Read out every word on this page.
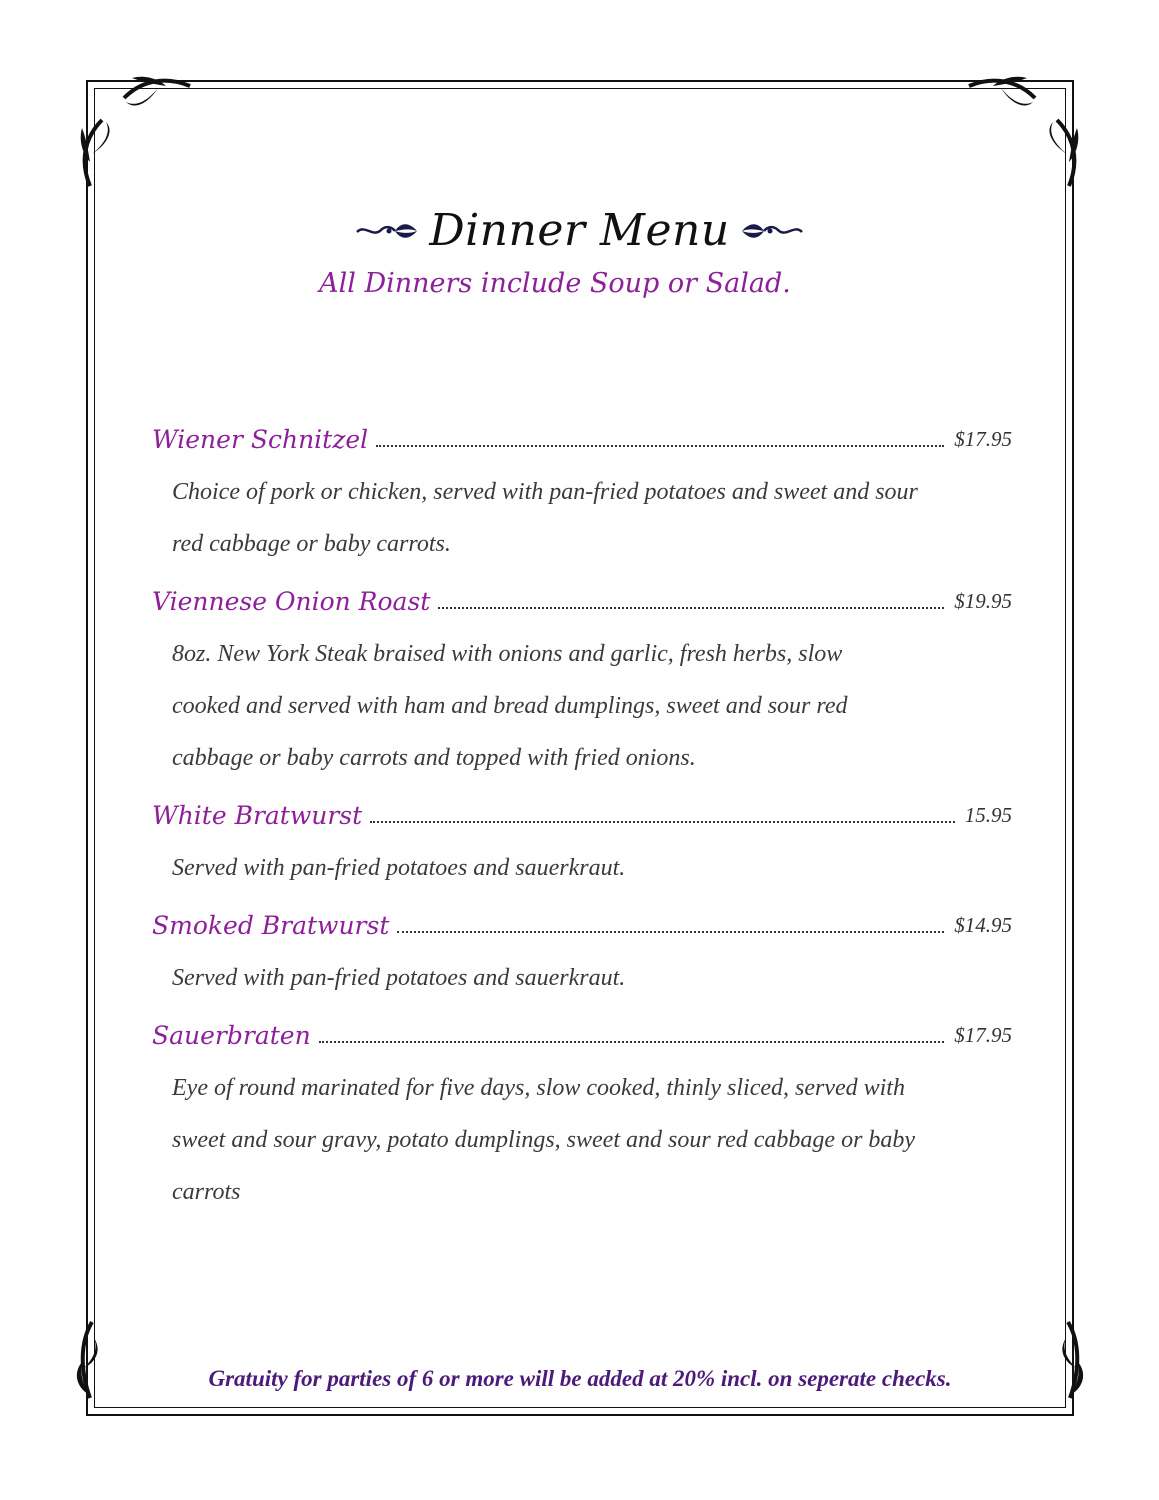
Dinner Menu
All Dinners include Soup or Salad.
Wiener Schnitzel	$17.95
Choice of pork or chicken, served with pan-fried potatoes and sweet and sour red cabbage or baby carrots.
Viennese Onion Roast	$19.95
8oz. New York Steak braised with onions and garlic, fresh herbs, slow cooked and served with ham and bread dumplings, sweet and sour red cabbage or baby carrots and topped with fried onions.
White Bratwurst	15.95
Served with pan-fried potatoes and sauerkraut.
Smoked Bratwurst	$14.95
Served with pan-fried potatoes and sauerkraut.
Sauerbraten	$17.95
Eye of round marinated for five days, slow cooked, thinly sliced, served with sweet and sour gravy, potato dumplings, sweet and sour red cabbage or baby carrots
Gratuity for parties of 6 or more will be added at 20% incl. on seperate checks.
